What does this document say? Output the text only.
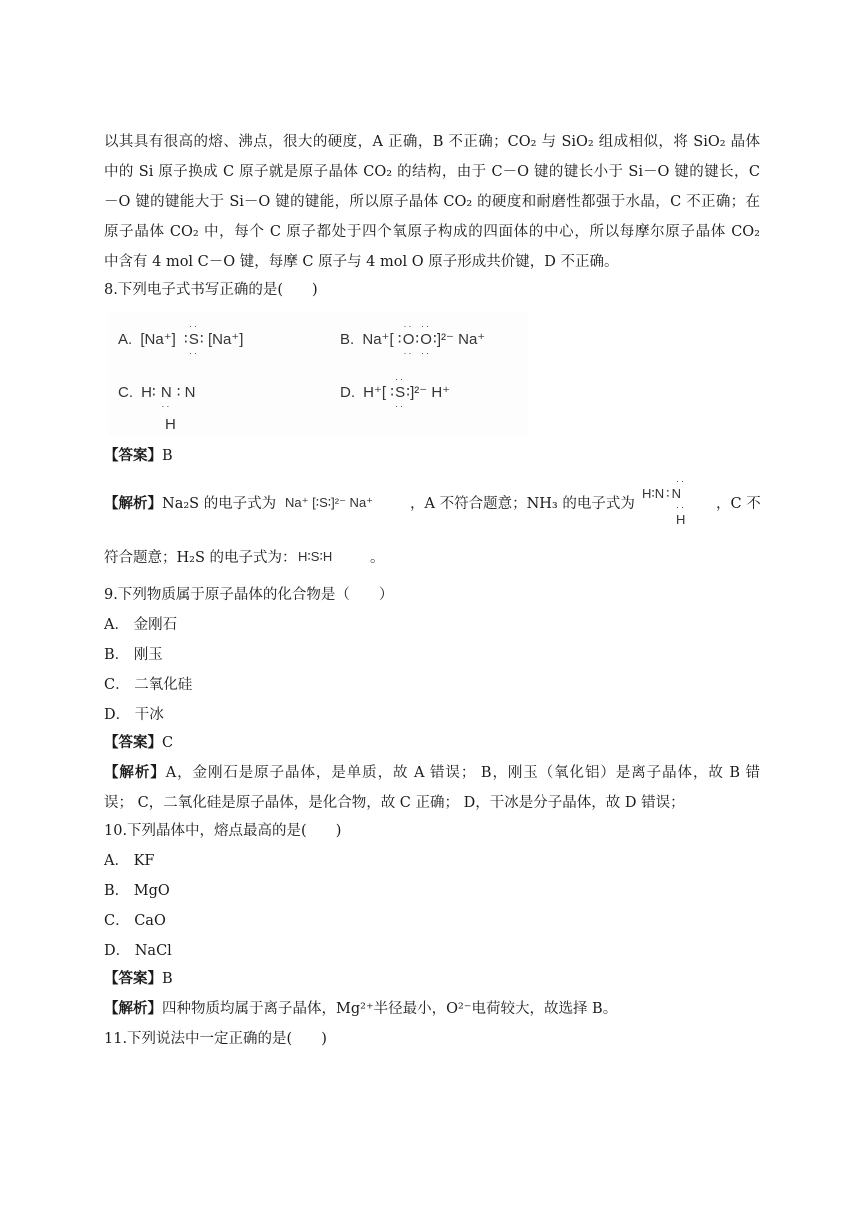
以其具有很高的熔、沸点，很大的硬度，A 正确，B 不正确；CO₂ 与 SiO₂ 组成相似，将 SiO₂ 晶体
中的 Si 原子换成 C 原子就是原子晶体 CO₂ 的结构，由于 C－O 键的键长小于 Si－O 键的键长，C
－O 键的键能大于 Si－O 键的键能，所以原子晶体 CO₂ 的硬度和耐磨性都强于水晶，C 不正确；在
原子晶体 CO₂ 中，每个 C 原子都处于四个氧原子构成的四面体的中心，所以每摩尔原子晶体 CO₂
中含有 4 mol C－O 键，每摩 C 原子与 4 mol O 原子形成共价键，D 不正确。
8.下列电子式书写正确的是(　　)
A. [Na⁺] ∶
··
S
··
∶ [Na⁺]	B. Na⁺[ ∶
··
O
··
∶
··
O
··
∶]²⁻ Na⁺
C. H∶ N
··
∶ N
H
D. H⁺[ ∶
··
S
··
∶]²⁻ H⁺
【答案】B
【解析】Na₂S 的电子式为 Na⁺ [∶S∶]²⁻ Na⁺	，A 不符合题意；NH₃ 的电子式为
··
H∶N ∶ N
··
H
，C 不
符合题意；H₂S 的电子式为： H∶S∶H	。
9.下列物质属于原子晶体的化合物是（　　）
A． 金刚石
B． 刚玉
C． 二氧化硅
D． 干冰
【答案】C
【解析】A，金刚石是原子晶体，是单质，故 A 错误； B，刚玉（氧化铝）是离子晶体，故 B 错
误； C，二氧化硅是原子晶体，是化合物，故 C 正确； D，干冰是分子晶体，故 D 错误；
10.下列晶体中，熔点最高的是(　　)
A． KF
B． MgO
C． CaO
D． NaCl
【答案】B
【解析】四种物质均属于离子晶体，Mg²⁺半径最小，O²⁻电荷较大，故选择 B。
11.下列说法中一定正确的是(　　)
